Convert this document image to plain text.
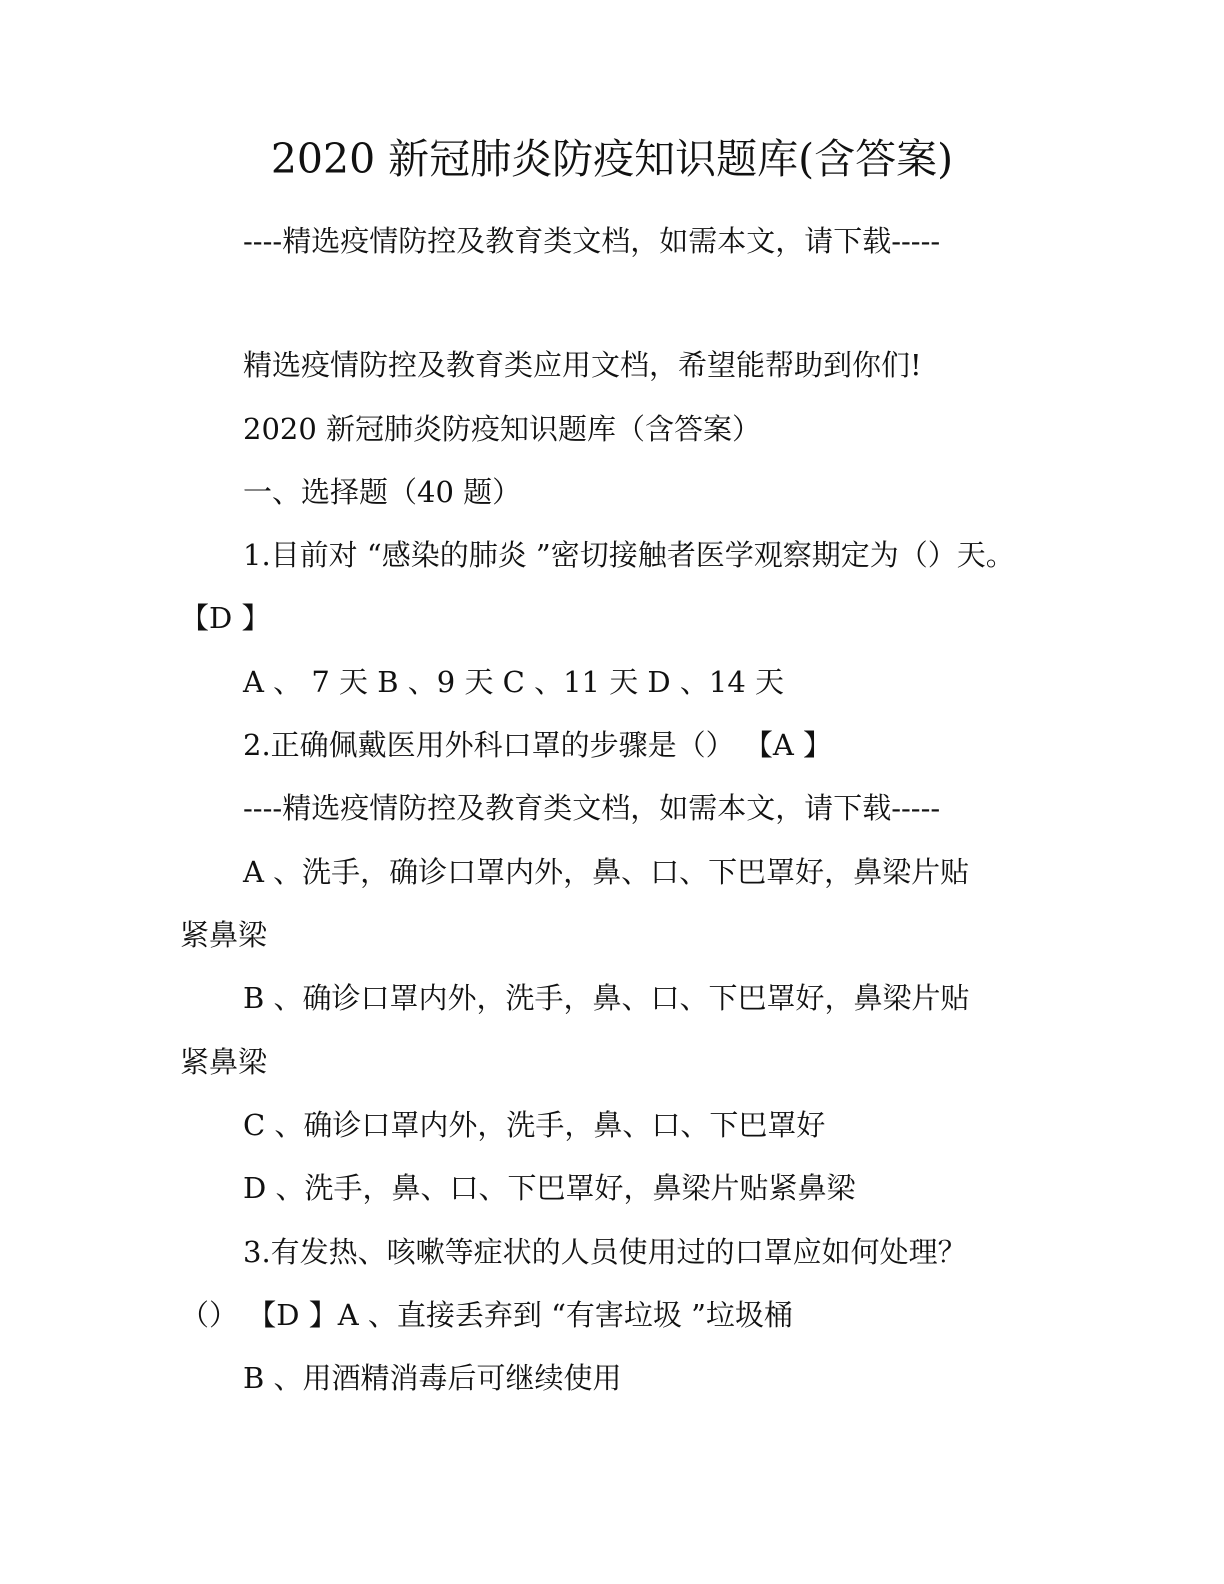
2020 新冠肺炎防疫知识题库(含答案)
----精选疫情防控及教育类文档，如需本文，请下载-----
精选疫情防控及教育类应用文档，希望能帮助到你们!
2020 新冠肺炎防疫知识题库（含答案）
一、选择题（40 题）
1.目前对 “感染的肺炎 ”密切接触者医学观察期定为（）天。
【D 】
A 、 7 天 B 、9 天 C 、11 天 D 、14 天
2.正确佩戴医用外科口罩的步骤是（） 【A 】
----精选疫情防控及教育类文档，如需本文，请下载-----
A 、洗手，确诊口罩内外，鼻、口、下巴罩好，鼻梁片贴
紧鼻梁
B 、确诊口罩内外，洗手，鼻、口、下巴罩好，鼻梁片贴
紧鼻梁
C 、确诊口罩内外，洗手，鼻、口、下巴罩好
D 、洗手，鼻、口、下巴罩好，鼻梁片贴紧鼻梁
3.有发热、咳嗽等症状的人员使用过的口罩应如何处理？
（） 【D 】A 、直接丢弃到 “有害垃圾 ”垃圾桶
B 、用酒精消毒后可继续使用
